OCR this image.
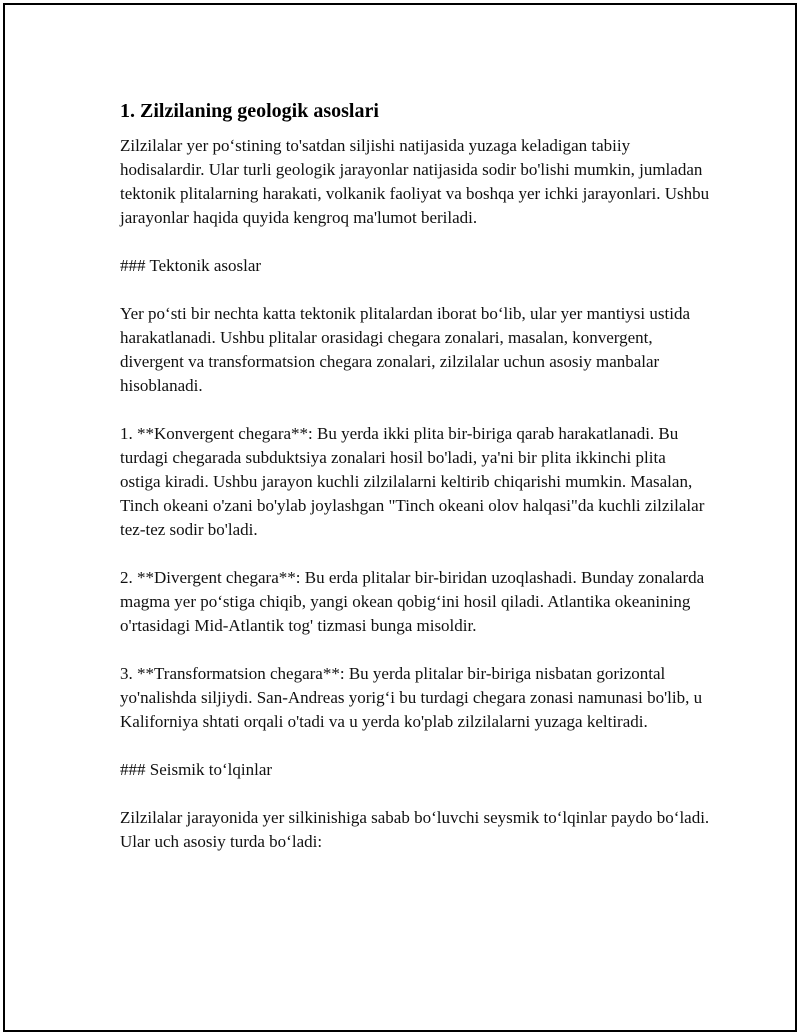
1. Zilzilaning geologik asoslari

Zilzilalar yer po‘stining to'satdan siljishi natijasida yuzaga keladigan tabiiy hodisalardir. Ular turli geologik jarayonlar natijasida sodir bo'lishi mumkin, jumladan tektonik plitalarning harakati, volkanik faoliyat va boshqa yer ichki jarayonlari. Ushbu jarayonlar haqida quyida kengroq ma'lumot beriladi.

### Tektonik asoslar

Yer po‘sti bir nechta katta tektonik plitalardan iborat bo‘lib, ular yer mantiysi ustida harakatlanadi. Ushbu plitalar orasidagi chegara zonalari, masalan, konvergent, divergent va transformatsion chegara zonalari, zilzilalar uchun asosiy manbalar hisoblanadi.

1. **Konvergent chegara**: Bu yerda ikki plita bir-biriga qarab harakatlanadi. Bu turdagi chegarada subduktsiya zonalari hosil bo'ladi, ya'ni bir plita ikkinchi plita ostiga kiradi. Ushbu jarayon kuchli zilzilalarni keltirib chiqarishi mumkin. Masalan, Tinch okeani o'zani bo'ylab joylashgan "Tinch okeani olov halqasi"da kuchli zilzilalar tez-tez sodir bo'ladi.

2. **Divergent chegara**: Bu erda plitalar bir-biridan uzoqlashadi. Bunday zonalarda magma yer po‘stiga chiqib, yangi okean qobig‘ini hosil qiladi. Atlantika okeanining o'rtasidagi Mid-Atlantik tog' tizmasi bunga misoldir.

3. **Transformatsion chegara**: Bu yerda plitalar bir-biriga nisbatan gorizontal yo'nalishda siljiydi. San-Andreas yorig‘i bu turdagi chegara zonasi namunasi bo'lib, u Kaliforniya shtati orqali o'tadi va u yerda ko'plab zilzilalarni yuzaga keltiradi.

### Seismik to‘lqinlar

Zilzilalar jarayonida yer silkinishiga sabab bo‘luvchi seysmik to‘lqinlar paydo bo‘ladi. Ular uch asosiy turda bo‘ladi:
